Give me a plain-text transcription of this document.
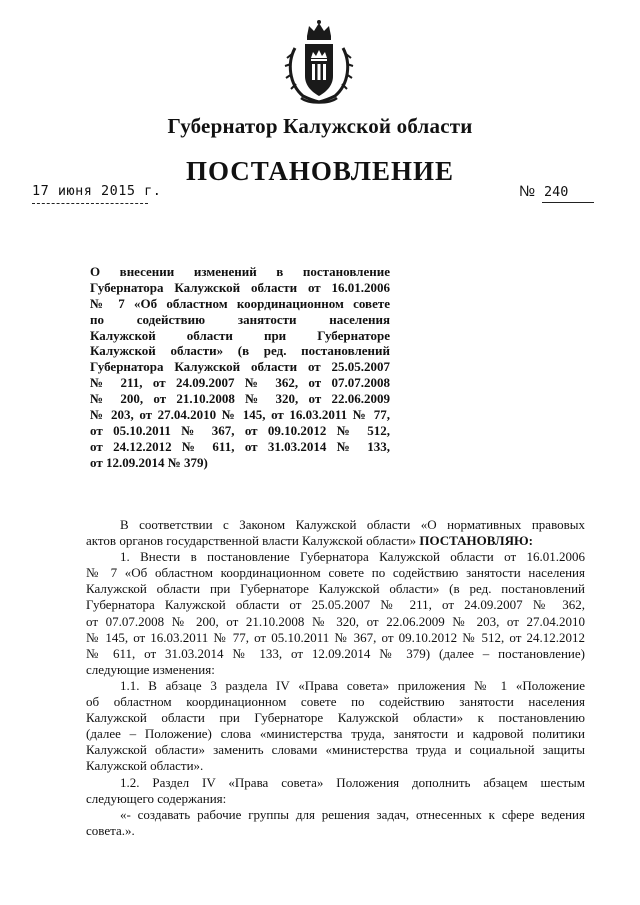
Губернатор Калужской области
ПОСТАНОВЛЕНИЕ
17 июня 2015 г.	№ 240
О внесении изменений в постановление
Губернатора Калужской области от 16.01.2006
№ 7 «Об областном координационном совете
по содействию занятости населения
Калужской области при Губернаторе
Калужской области» (в ред. постановлений
Губернатора Калужской области от 25.05.2007
№ 211, от 24.09.2007 № 362, от 07.07.2008
№ 200, от 21.10.2008 № 320, от 22.06.2009
№ 203, от 27.04.2010 № 145, от 16.03.2011 № 77,
от 05.10.2011 № 367, от 09.10.2012 № 512,
от 24.12.2012 № 611, от 31.03.2014 № 133,
от 12.09.2014 № 379)
В соответствии с Законом Калужской области «О нормативных правовых
актов органов государственной власти Калужской области» ПОСТАНОВЛЯЮ:
1. Внести в постановление Губернатора Калужской области от 16.01.2006
№ 7 «Об областном координационном совете по содействию занятости населения
Калужской области при Губернаторе Калужской области» (в ред. постановлений
Губернатора Калужской области от 25.05.2007 № 211, от 24.09.2007 № 362,
от 07.07.2008 № 200, от 21.10.2008 № 320, от 22.06.2009 № 203, от 27.04.2010
№ 145, от 16.03.2011 № 77, от 05.10.2011 № 367, от 09.10.2012 № 512, от 24.12.2012
№ 611, от 31.03.2014 № 133, от 12.09.2014 № 379) (далее – постановление)
следующие изменения:
1.1. В абзаце 3 раздела IV «Права совета» приложения № 1 «Положение
об областном координационном совете по содействию занятости населения
Калужской области при Губернаторе Калужской области» к постановлению
(далее – Положение) слова «министерства труда, занятости и кадровой политики
Калужской области» заменить словами «министерства труда и социальной защиты
Калужской области».
1.2. Раздел IV «Права совета» Положения дополнить абзацем шестым
следующего содержания:
«- создавать рабочие группы для решения задач, отнесенных к сфере ведения
совета.».
